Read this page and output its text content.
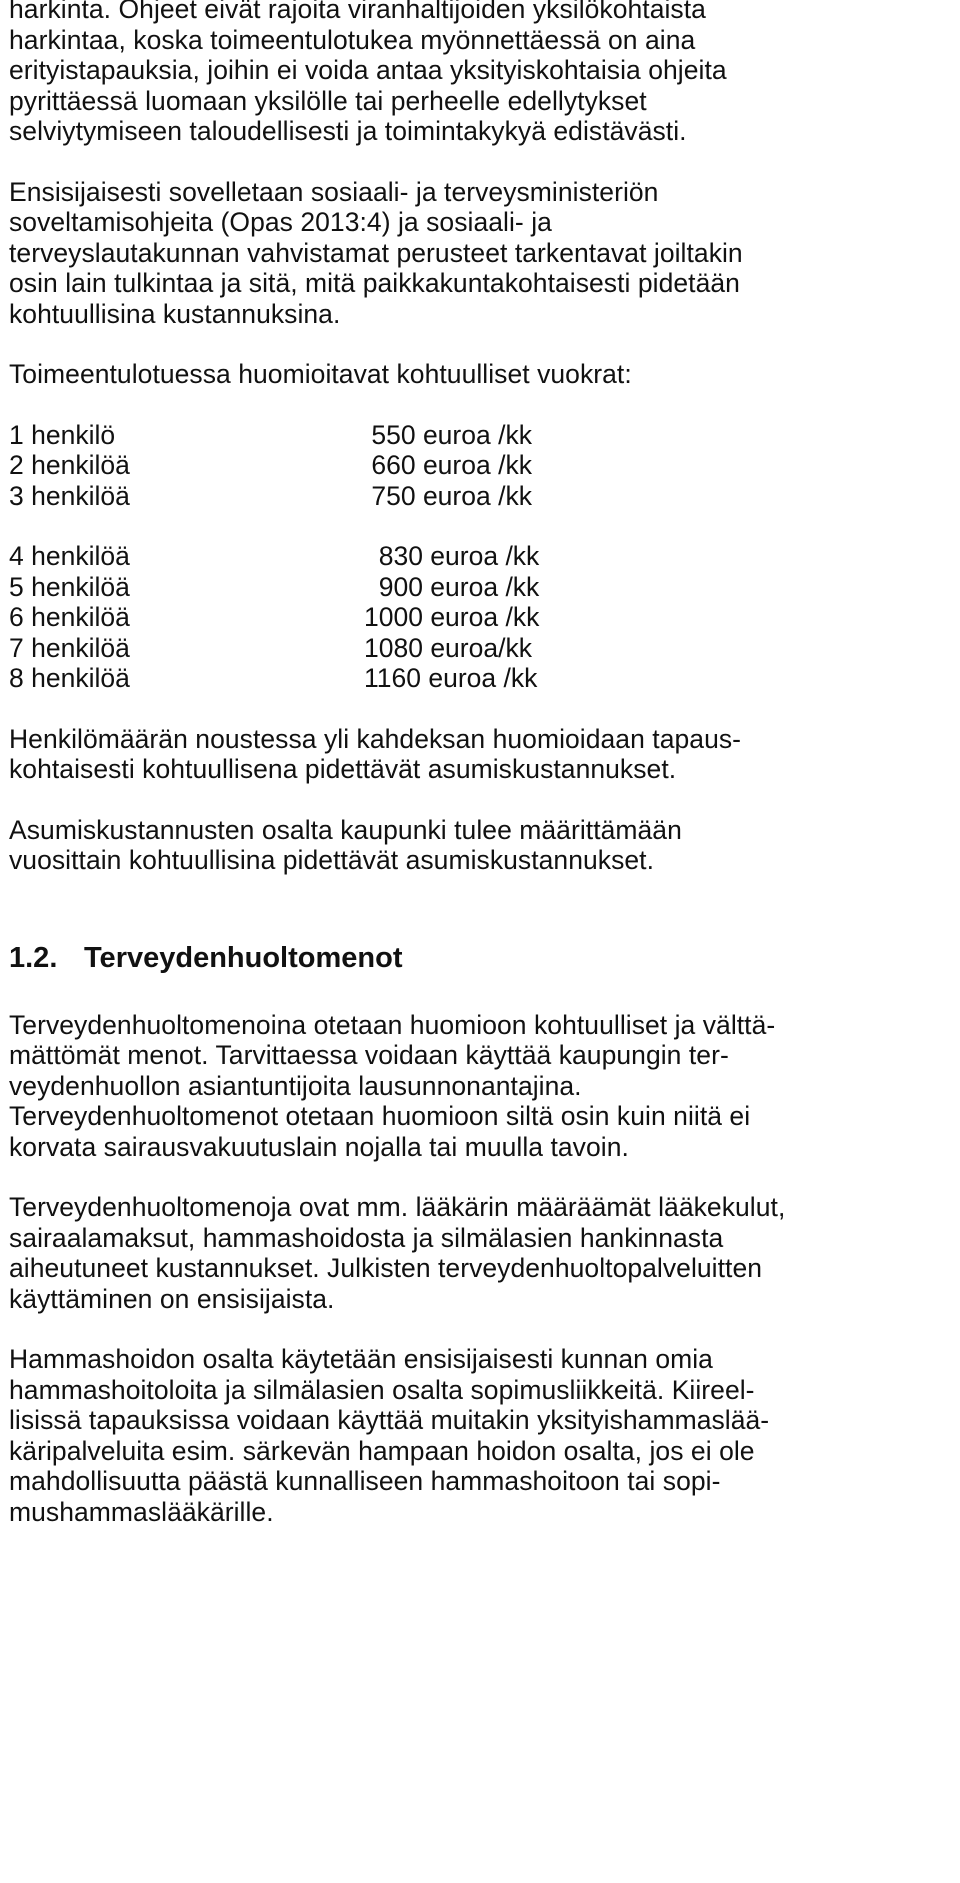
harkinta. Ohjeet eivät rajoita viranhaltijoiden yksilökohtaista
harkintaa, koska toimeentulotukea myönnettäessä on aina
erityistapauksia, joihin ei voida antaa yksityiskohtaisia ohjeita
pyrittäessä luomaan yksilölle tai perheelle edellytykset
selviytymiseen taloudellisesti ja toimintakykyä edistävästi.
Ensisijaisesti sovelletaan sosiaali- ja terveysministeriön
soveltamisohjeita (Opas 2013:4) ja sosiaali- ja
terveyslautakunnan vahvistamat perusteet tarkentavat joiltakin
osin lain tulkintaa ja sitä, mitä paikkakuntakohtaisesti pidetään
kohtuullisina kustannuksina.
Toimeentulotuessa huomioitavat kohtuulliset vuokrat:
1 henkilö	550 euroa /kk
2 henkilöä	660 euroa /kk
3 henkilöä	750 euroa /kk
4 henkilöä	830 euroa /kk
5 henkilöä	900 euroa /kk
6 henkilöä	1000 euroa /kk
7 henkilöä	1080 euroa/kk
8 henkilöä	1160 euroa /kk
Henkilömäärän noustessa yli kahdeksan huomioidaan tapaus-
kohtaisesti kohtuullisena pidettävät asumiskustannukset.
Asumiskustannusten osalta kaupunki tulee määrittämään
vuosittain kohtuullisina pidettävät asumiskustannukset.
1.2. Terveydenhuoltomenot
Terveydenhuoltomenoina otetaan huomioon kohtuulliset ja välttä-
mättömät menot. Tarvittaessa voidaan käyttää kaupungin ter-
veydenhuollon asiantuntijoita lausunnonantajina.
Terveydenhuoltomenot otetaan huomioon siltä osin kuin niitä ei
korvata sairausvakuutuslain nojalla tai muulla tavoin.
Terveydenhuoltomenoja ovat mm. lääkärin määräämät lääkekulut,
sairaalamaksut, hammashoidosta ja silmälasien hankinnasta
aiheutuneet kustannukset. Julkisten terveydenhuoltopalveluitten
käyttäminen on ensisijaista.
Hammashoidon osalta käytetään ensisijaisesti kunnan omia
hammashoitoloita ja silmälasien osalta sopimusliikkeitä. Kiireel-
lisissä tapauksissa voidaan käyttää muitakin yksityishammaslää-
käripalveluita esim. särkevän hampaan hoidon osalta, jos ei ole
mahdollisuutta päästä kunnalliseen hammashoitoon tai sopi-
mushammaslääkärille.
